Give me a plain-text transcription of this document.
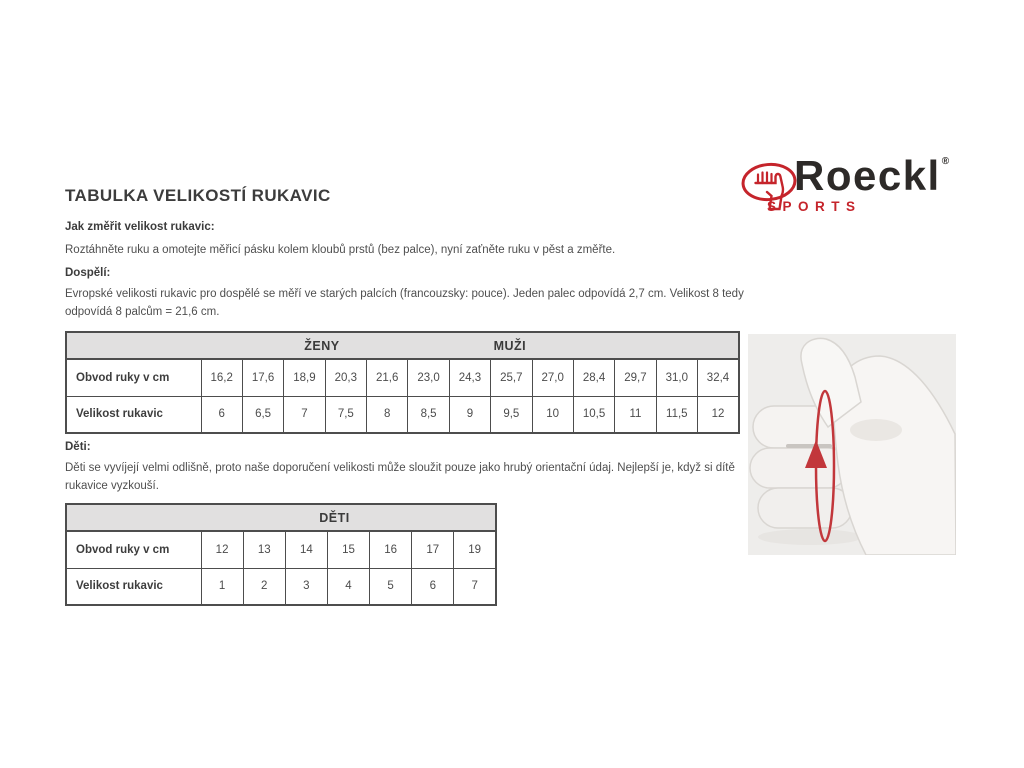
TABULKA VELIKOSTÍ RUKAVIC	Roeckl®
SPORTS
Jak změřit velikost rukavic:
Roztáhněte ruku a omotejte měřicí pásku kolem kloubů prstů (bez palce), nyní zaťněte ruku v pěst a změřte.
Dospělí:
Evropské velikosti rukavic pro dospělé se měří ve starých palcích (francouzsky: pouce). Jeden palec odpovídá 2,7 cm. Velikost 8 tedy odpovídá 8 palcům = 21,6 cm.
ŽENY MUŽI													

Obvod ruky v cm	16,2	17,6	18,9	20,3	21,6	23,0	24,3	25,7	27,0	28,4	29,7	31,0	32,4
Velikost rukavic	6	6,5	7	7,5	8	8,5	9	9,5	10	10,5	11	11,5	12
Děti:
Děti se vyvíjejí velmi odlišně, proto naše doporučení velikosti může sloužit pouze jako hrubý orientační údaj. Nejlepší je, když si dítě rukavice vyzkouší.
DĚTI							

Obvod ruky v cm	12	13	14	15	16	17	19
Velikost rukavic	1	2	3	4	5	6	7
